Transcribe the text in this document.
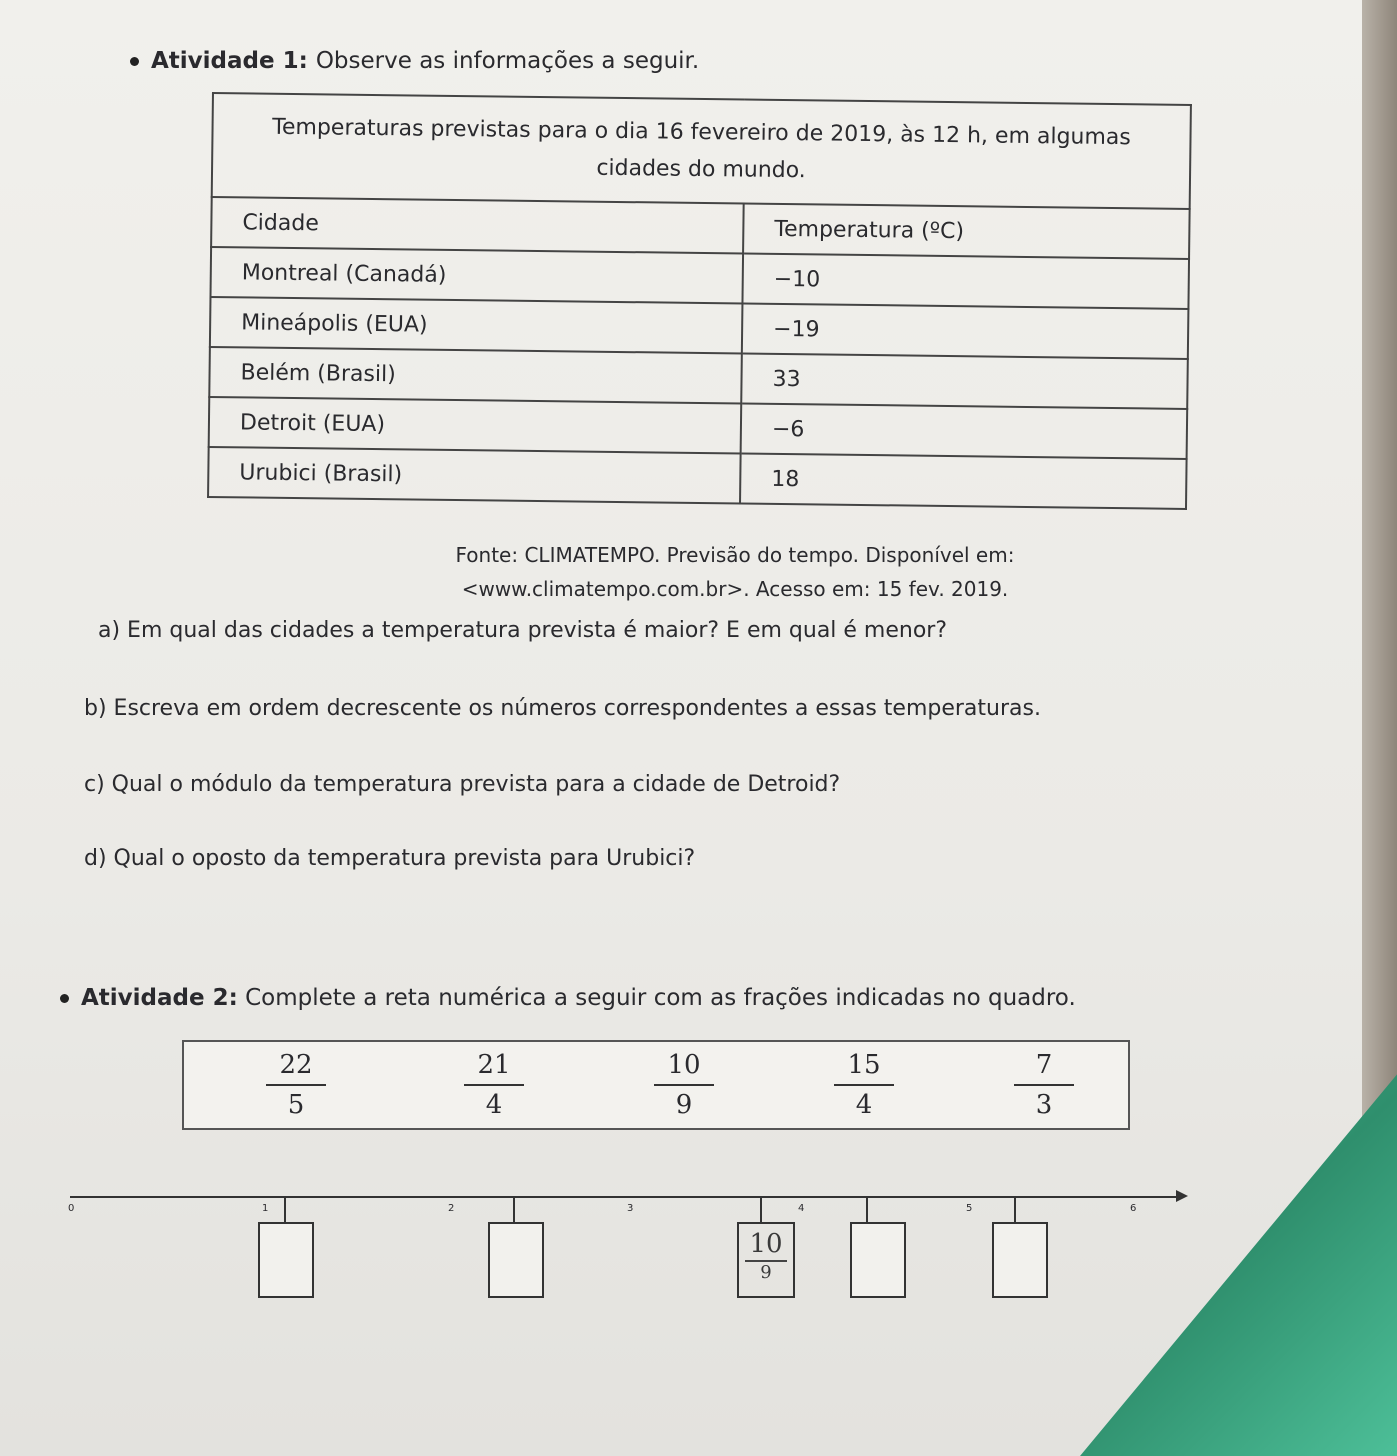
Atividade 1: Observe as informações a seguir.
Temperaturas previstas para o dia 16 fevereiro de 2019, às 12 h, em algumas cidades do mundo.	
Cidade	Temperatura (ºC)
Montreal (Canadá)	−10
Mineápolis (EUA)	−19
Belém (Brasil)	33
Detroit (EUA)	−6
Urubici (Brasil)	18
Fonte: CLIMATEMPO. Previsão do tempo. Disponível em:
<www.climatempo.com.br>. Acesso em: 15 fev. 2019.
a) Em qual das cidades a temperatura prevista é maior? E em qual é menor?
b) Escreva em ordem decrescente os números correspondentes a essas temperaturas.
c) Qual o módulo da temperatura prevista para a cidade de Detroid?
d) Qual o oposto da temperatura prevista para Urubici?
Atividade 2: Complete a reta numérica a seguir com as frações indicadas no quadro.
$\frac{22}{5}$	$\frac{21}{4}$	$\frac{10}{9}$	$\frac{15}{4}$	$\frac{7}{3}$
0	1	2	3	4	5	6
10
9
